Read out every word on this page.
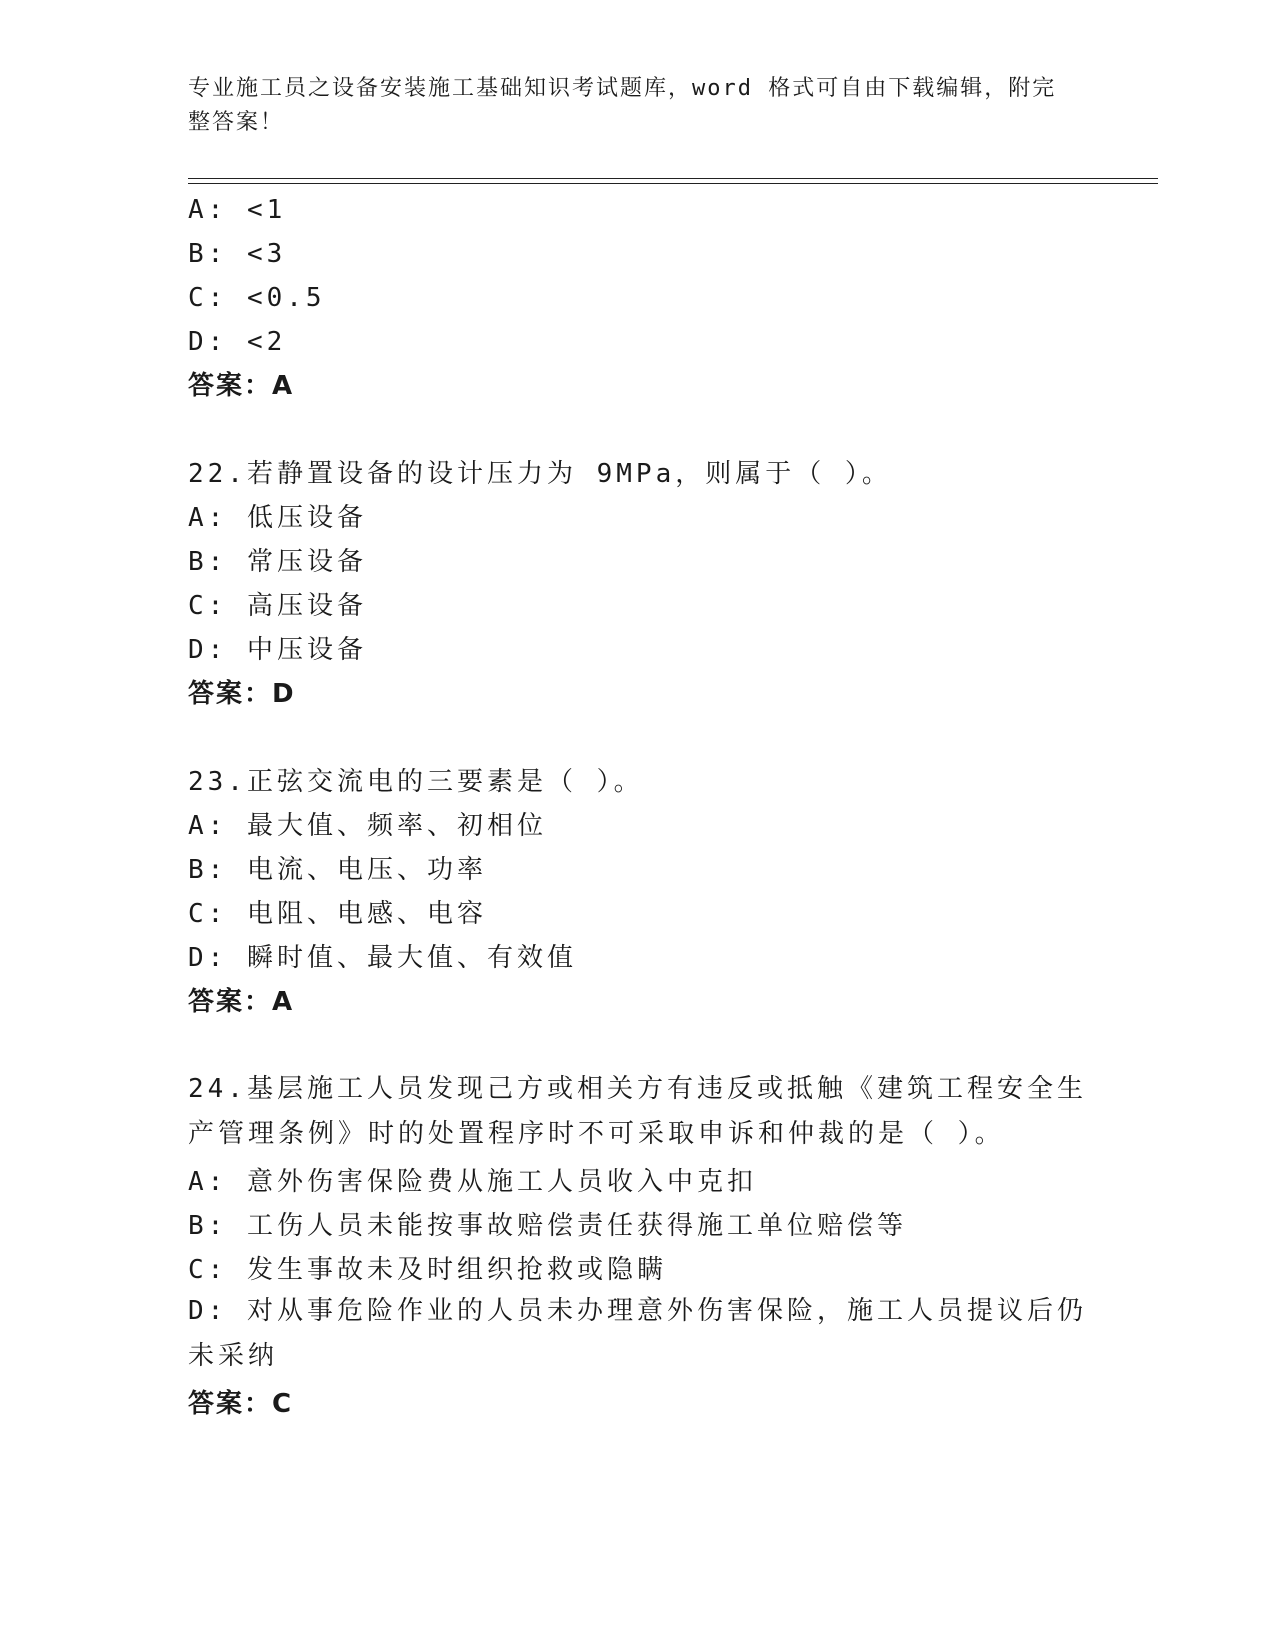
专业施工员之设备安装施工基础知识考试题库，word 格式可自由下载编辑，附完整答案！
A: <1
B: <3
C: <0.5
D: <2
答案：A
22.若静置设备的设计压力为 9MPa，则属于（ ）。
A: 低压设备
B: 常压设备
C: 高压设备
D: 中压设备
答案：D
23.正弦交流电的三要素是（ ）。
A: 最大值、频率、初相位
B: 电流、电压、功率
C: 电阻、电感、电容
D: 瞬时值、最大值、有效值
答案：A
24.基层施工人员发现己方或相关方有违反或抵触《建筑工程安全生产管理条例》时的处置程序时不可采取申诉和仲裁的是（ ）。
A: 意外伤害保险费从施工人员收入中克扣
B: 工伤人员未能按事故赔偿责任获得施工单位赔偿等
C: 发生事故未及时组织抢救或隐瞒
D: 对从事危险作业的人员未办理意外伤害保险，施工人员提议后仍未采纳
答案：C
